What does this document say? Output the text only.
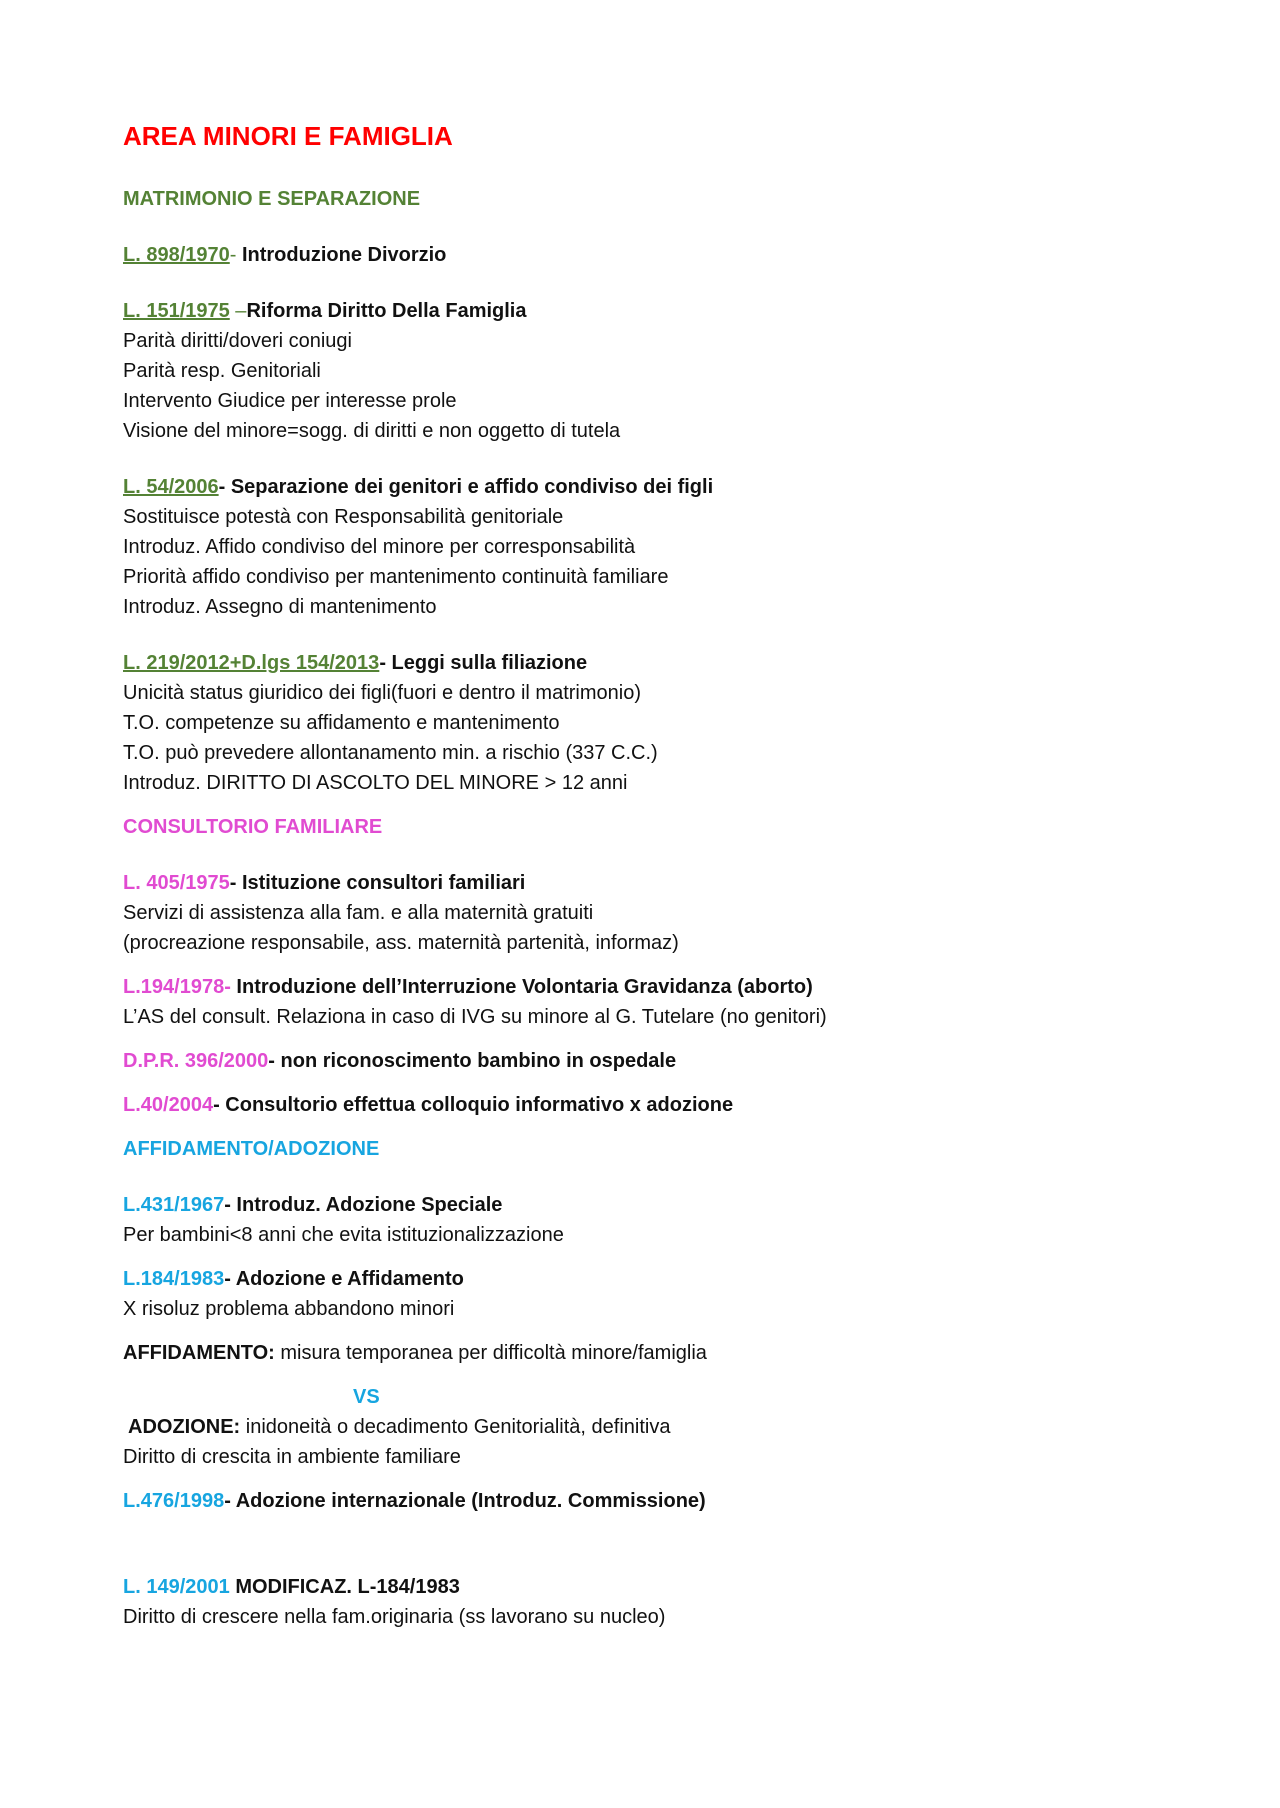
AREA MINORI E FAMIGLIA

MATRIMONIO E SEPARAZIONE

L. 898/1970- Introduzione Divorzio

L. 151/1975 –Riforma Diritto Della Famiglia

Parità diritti/doveri coniugi

Parità resp. Genitoriali

Intervento Giudice per interesse prole

Visione del minore=sogg. di diritti e non oggetto di tutela

L. 54/2006- Separazione dei genitori e affido condiviso dei figli

Sostituisce potestà con Responsabilità genitoriale

Introduz. Affido condiviso del minore per corresponsabilità

Priorità affido condiviso per mantenimento continuità familiare

Introduz. Assegno di mantenimento

L. 219/2012+D.lgs 154/2013- Leggi sulla filiazione

Unicità status giuridico dei figli(fuori e dentro il matrimonio)

T.O. competenze su affidamento e mantenimento

T.O. può prevedere allontanamento min. a rischio (337 C.C.)

Introduz. DIRITTO DI ASCOLTO DEL MINORE > 12 anni

CONSULTORIO FAMILIARE

L. 405/1975- Istituzione consultori familiari

Servizi di assistenza alla fam. e alla maternità gratuiti

(procreazione responsabile, ass. maternità partenità, informaz)

L.194/1978- Introduzione dell’Interruzione Volontaria Gravidanza (aborto)

L’AS del consult. Relaziona in caso di IVG su minore al G. Tutelare (no genitori)

D.P.R. 396/2000- non riconoscimento bambino in ospedale

L.40/2004- Consultorio effettua colloquio informativo x adozione

AFFIDAMENTO/ADOZIONE

L.431/1967- Introduz. Adozione Speciale

Per bambini<8 anni che evita istituzionalizzazione

L.184/1983- Adozione e Affidamento

X risoluz problema abbandono minori

AFFIDAMENTO: misura temporanea per difficoltà minore/famiglia

VS

ADOZIONE: inidoneità o decadimento Genitorialità, definitiva

Diritto di crescita in ambiente familiare

L.476/1998- Adozione internazionale (Introduz. Commissione)

L. 149/2001 MODIFICAZ. L-184/1983

Diritto di crescere nella fam.originaria (ss lavorano su nucleo)
